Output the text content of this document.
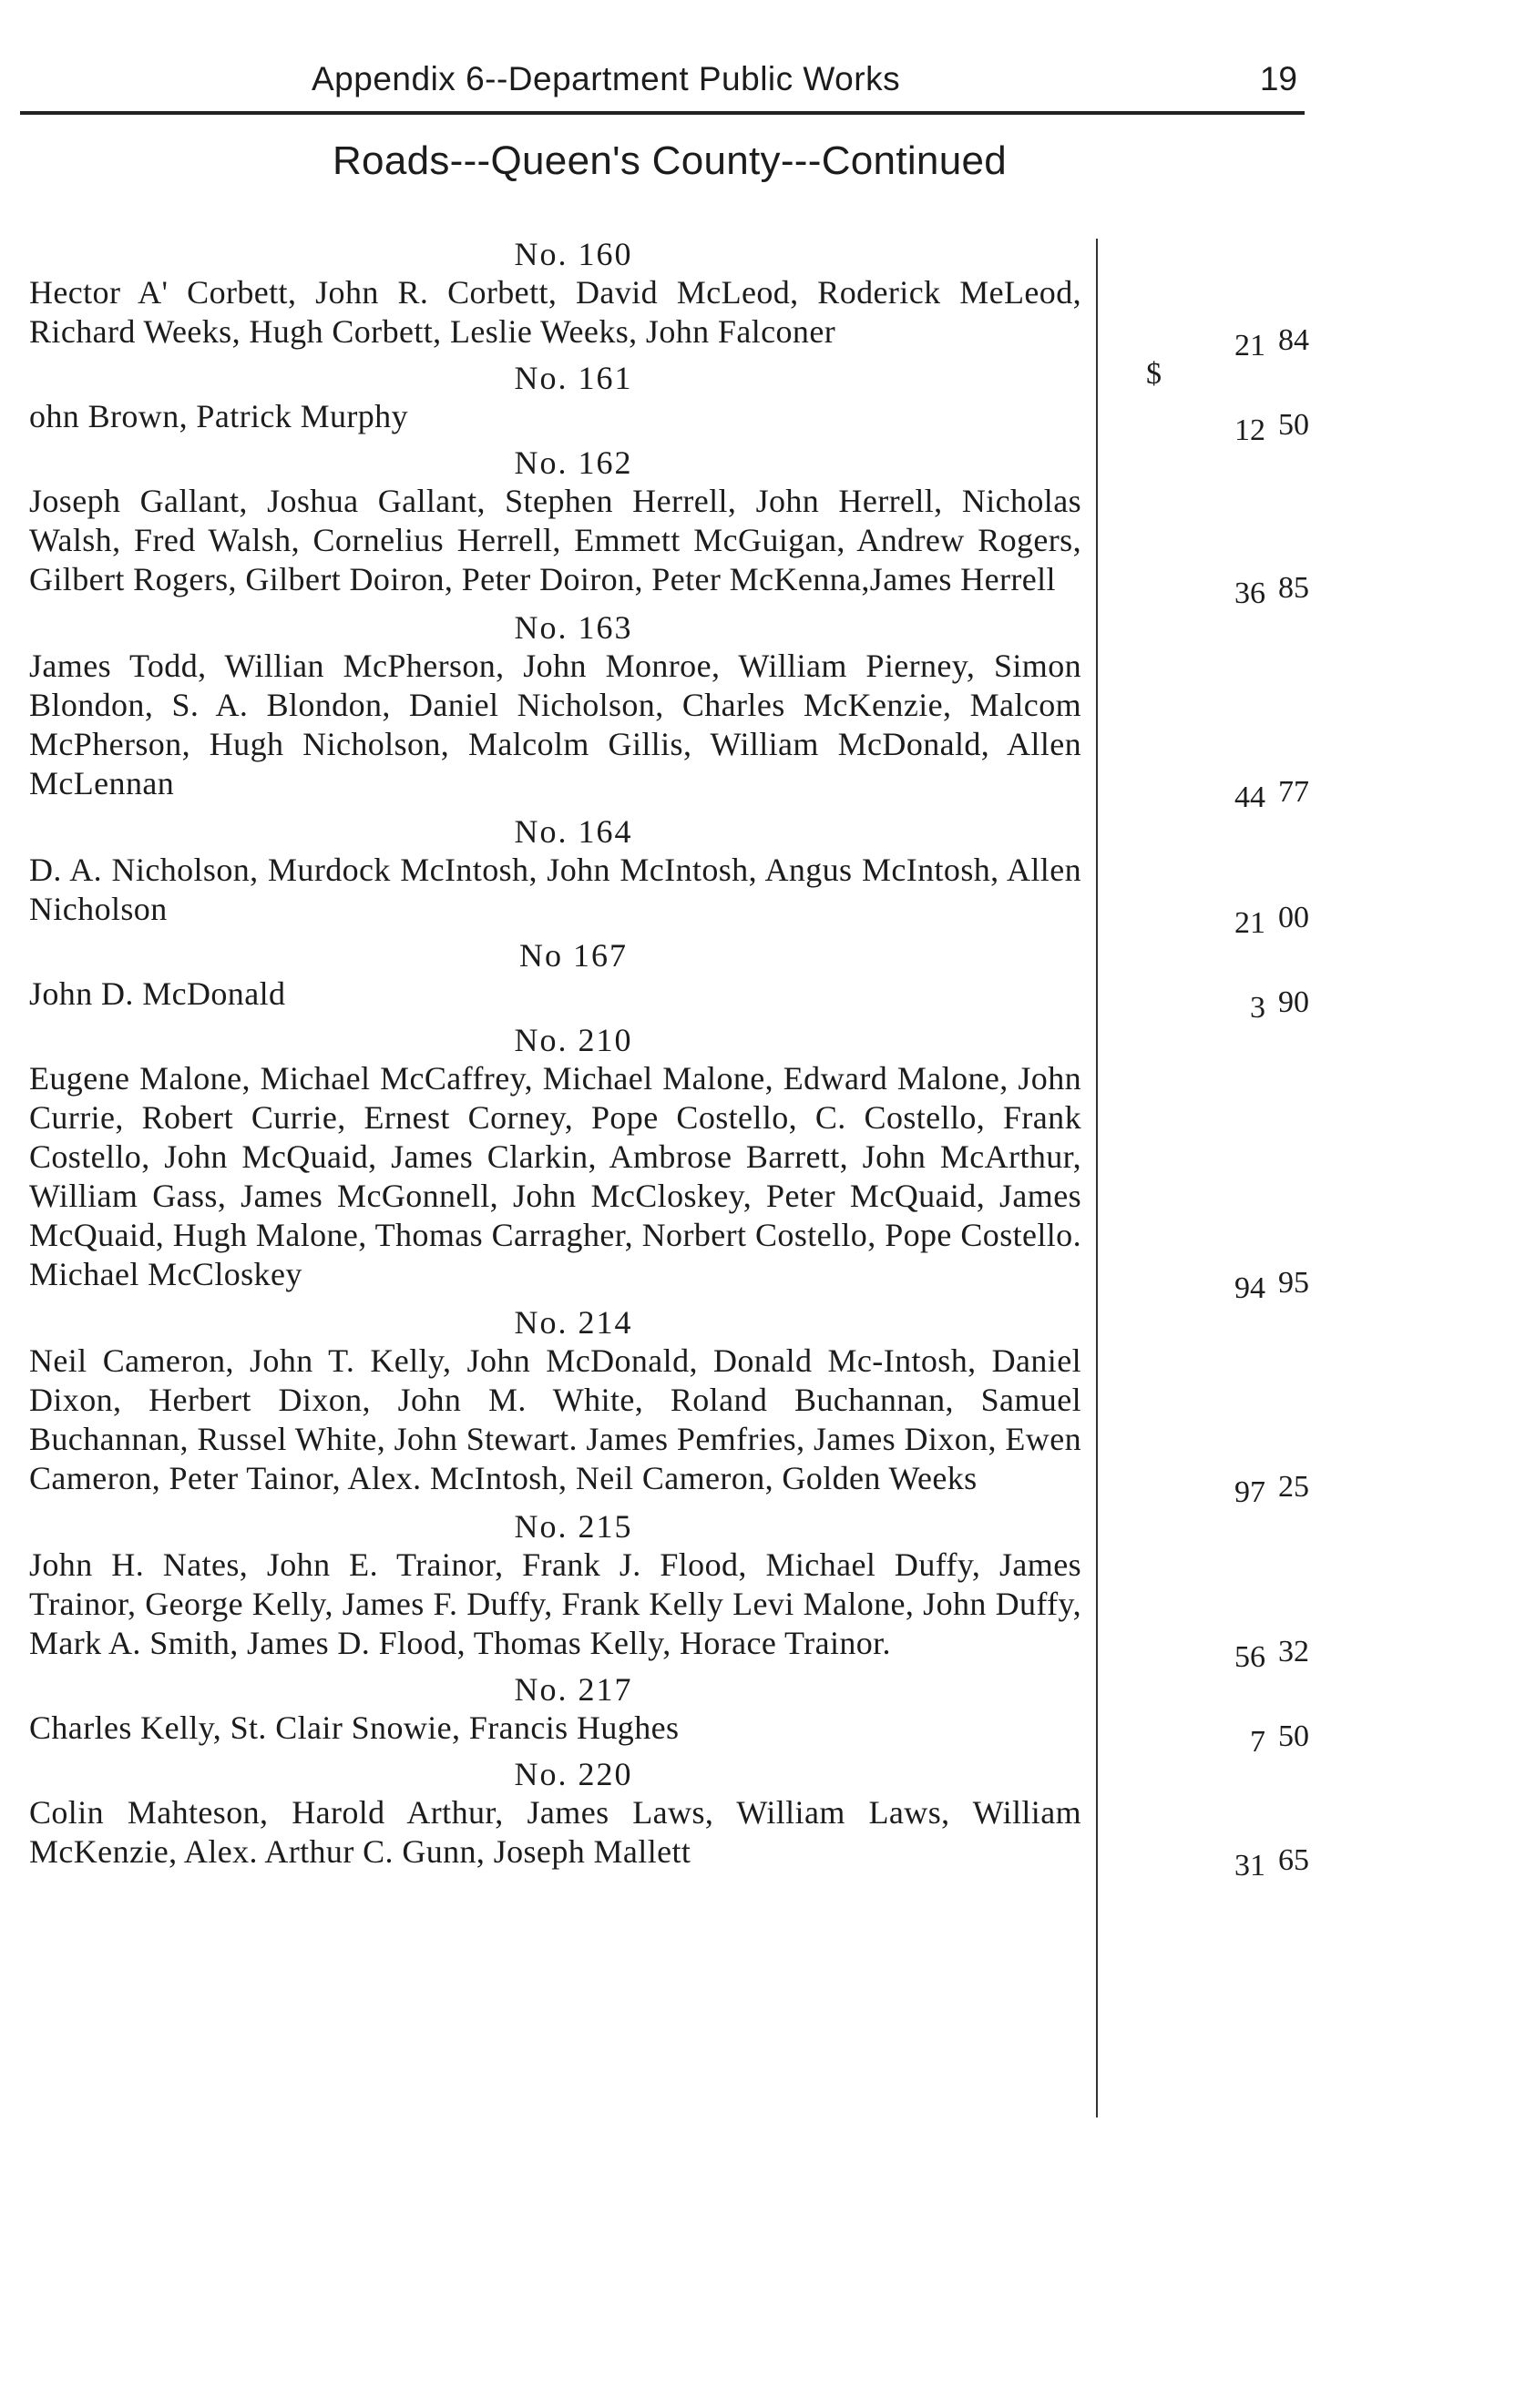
Appendix 6--Department Public Works	19
Roads---Queen's County---Continued
$
No. 160
Hector A' Corbett, John R. Corbett, David McLeod, Roderick MeLeod, Richard Weeks, Hugh Corbett, Leslie Weeks, John Falconer	21 84
No. 161
ohn Brown, Patrick Murphy	12 50
No. 162
Joseph Gallant, Joshua Gallant, Stephen Herrell, John Herrell, Nicholas Walsh, Fred Walsh, Cornelius Herrell, Emmett McGuigan, Andrew Rogers, Gilbert Rogers, Gilbert Doiron, Peter Doiron, Peter McKenna,James Herrell	36 85
No. 163
James Todd, Willian McPherson, John Monroe, William Pierney, Simon Blondon, S. A. Blondon, Daniel Nicholson, Charles McKenzie, Malcom McPherson, Hugh Nicholson, Malcolm Gillis, William McDonald, Allen McLennan	44 77
No. 164
D. A. Nicholson, Murdock McIntosh, John McIntosh, Angus McIntosh, Allen Nicholson	21 00
No 167
John D. McDonald	3 90
No. 210
Eugene Malone, Michael McCaffrey, Michael Malone, Edward Malone, John Currie, Robert Currie, Ernest Corney, Pope Costello, C. Costello, Frank Costello, John McQuaid, James Clarkin, Ambrose Barrett, John McArthur, William Gass, James McGonnell, John McCloskey, Peter McQuaid, James McQuaid, Hugh Malone, Thomas Carragher, Norbert Costello, Pope Costello. Michael McCloskey	94 95
No. 214
Neil Cameron, John T. Kelly, John McDonald, Donald Mc-Intosh, Daniel Dixon, Herbert Dixon, John M. White, Roland Buchannan, Samuel Buchannan, Russel White, John Stewart. James Pemfries, James Dixon, Ewen Cameron, Peter Tainor, Alex. McIntosh, Neil Cameron, Golden Weeks	97 25
No. 215
John H. Nates, John E. Trainor, Frank J. Flood, Michael Duffy, James Trainor, George Kelly, James F. Duffy, Frank Kelly Levi Malone, John Duffy, Mark A. Smith, James D. Flood, Thomas Kelly, Horace Trainor.	56 32
No. 217
Charles Kelly, St. Clair Snowie, Francis Hughes	7 50
No. 220
Colin Mahteson, Harold Arthur, James Laws, William Laws, William McKenzie, Alex. Arthur C. Gunn, Joseph Mallett	31 65
